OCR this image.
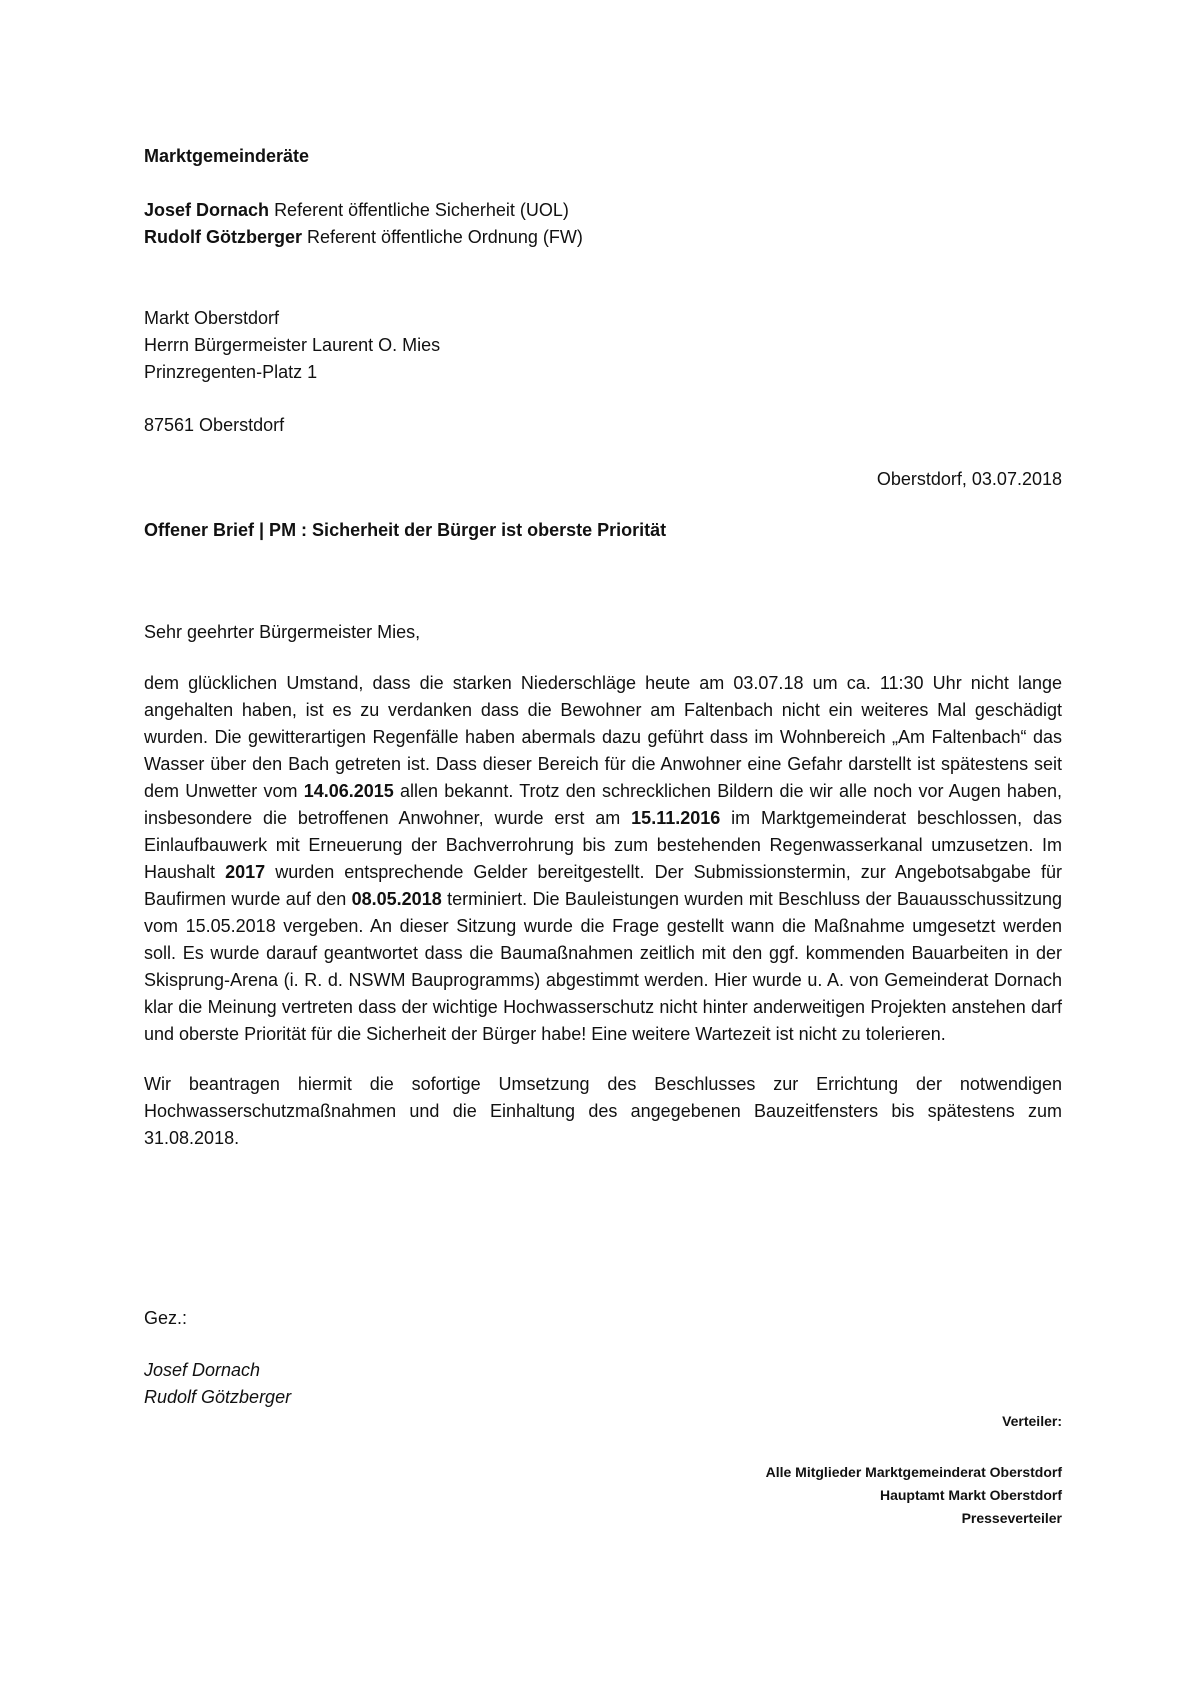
Marktgemeinderäte
Josef Dornach Referent öffentliche Sicherheit (UOL)
Rudolf Götzberger Referent öffentliche Ordnung (FW)
Markt Oberstdorf
Herrn Bürgermeister Laurent O. Mies
Prinzregenten-Platz 1
87561 Oberstdorf
Oberstdorf, 03.07.2018
Offener Brief | PM : Sicherheit der Bürger ist oberste Priorität
Sehr geehrter Bürgermeister Mies,

dem glücklichen Umstand, dass die starken Niederschläge heute am 03.07.18 um ca. 11:30 Uhr nicht lange angehalten haben, ist es zu verdanken dass die Bewohner am Faltenbach nicht ein weiteres Mal geschädigt wurden. Die gewitterartigen Regenfälle haben abermals dazu geführt dass im Wohnbereich „Am Faltenbach“ das Wasser über den Bach getreten ist. Dass dieser Bereich für die Anwohner eine Gefahr darstellt ist spätestens seit dem Unwetter vom 14.06.2015 allen bekannt. Trotz den schrecklichen Bildern die wir alle noch vor Augen haben, insbesondere die betroffenen Anwohner, wurde erst am 15.11.2016 im Marktgemeinderat beschlossen, das Einlaufbauwerk mit Erneuerung der Bachverrohrung bis zum bestehenden Regenwasserkanal umzusetzen. Im Haushalt 2017 wurden entsprechende Gelder bereitgestellt. Der Submissionstermin, zur Angebotsabgabe für Baufirmen wurde auf den 08.05.2018 terminiert. Die Bauleistungen wurden mit Beschluss der Bauausschussitzung vom 15.05.2018 vergeben. An dieser Sitzung wurde die Frage gestellt wann die Maßnahme umgesetzt werden soll. Es wurde darauf geantwortet dass die Baumaßnahmen zeitlich mit den ggf. kommenden Bauarbeiten in der Skisprung-Arena (i. R. d. NSWM Bauprogramms) abgestimmt werden. Hier wurde u. A. von Gemeinderat Dornach klar die Meinung vertreten dass der wichtige Hochwasserschutz nicht hinter anderweitigen Projekten anstehen darf und oberste Priorität für die Sicherheit der Bürger habe! Eine weitere Wartezeit ist nicht zu tolerieren.

Wir beantragen hiermit die sofortige Umsetzung des Beschlusses zur Errichtung der notwendigen Hochwasserschutzmaßnahmen und die Einhaltung des angegebenen Bauzeitfensters bis spätestens zum 31.08.2018.

Gez.:
Josef Dornach
Rudolf Götzberger
Verteiler:
Alle Mitglieder Marktgemeinderat Oberstdorf
Hauptamt Markt Oberstdorf
Presseverteiler
